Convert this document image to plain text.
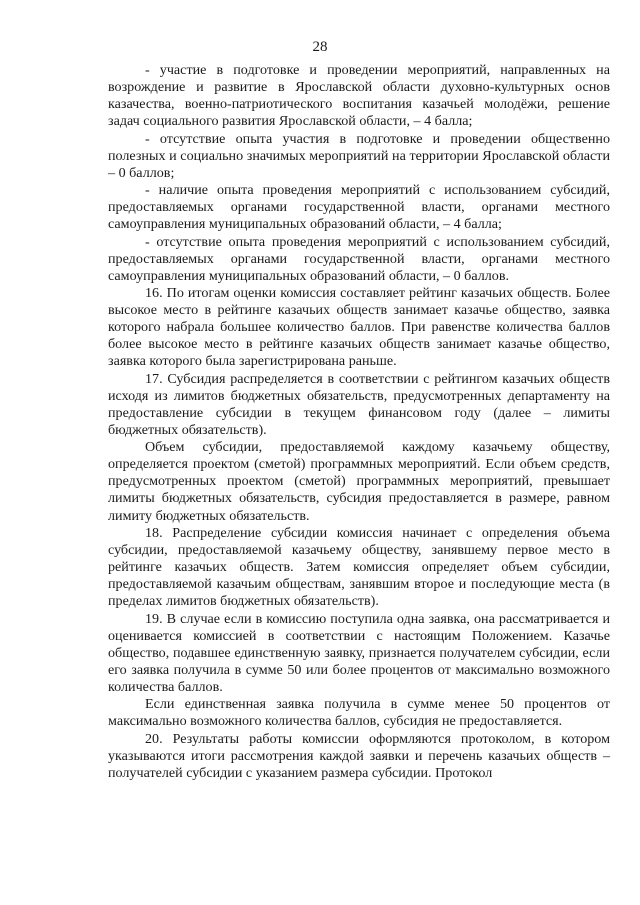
28

- участие в подготовке и проведении мероприятий, направленных на возрождение и развитие в Ярославской области духовно-культурных основ казачества, военно-патриотического воспитания казачьей молодёжи, решение задач социального развития Ярославской области, – 4 балла;

- отсутствие опыта участия в подготовке и проведении общественно полезных и социально значимых мероприятий на территории Ярославской области – 0 баллов;

- наличие опыта проведения мероприятий с использованием субсидий, предоставляемых органами государственной власти, органами местного самоуправления муниципальных образований области, – 4 балла;

- отсутствие опыта проведения мероприятий с использованием субсидий, предоставляемых органами государственной власти, органами местного самоуправления муниципальных образований области, – 0 баллов.

16. По итогам оценки комиссия составляет рейтинг казачьих обществ. Более высокое место в рейтинге казачьих обществ занимает казачье общество, заявка которого набрала большее количество баллов. При равенстве количества баллов более высокое место в рейтинге казачьих обществ занимает казачье общество, заявка которого была зарегистрирована раньше.

17. Субсидия распределяется в соответствии с рейтингом казачьих обществ исходя из лимитов бюджетных обязательств, предусмотренных департаменту на предоставление субсидии в текущем финансовом году (далее – лимиты бюджетных обязательств).

Объем субсидии, предоставляемой каждому казачьему обществу, определяется проектом (сметой) программных мероприятий. Если объем средств, предусмотренных проектом (сметой) программных мероприятий, превышает лимиты бюджетных обязательств, субсидия предоставляется в размере, равном лимиту бюджетных обязательств.

18. Распределение субсидии комиссия начинает с определения объема субсидии, предоставляемой казачьему обществу, занявшему первое место в рейтинге казачьих обществ. Затем комиссия определяет объем субсидии, предоставляемой казачьим обществам, занявшим второе и последующие места (в пределах лимитов бюджетных обязательств).

19. В случае если в комиссию поступила одна заявка, она рассматривается и оценивается комиссией в соответствии с настоящим Положением. Казачье общество, подавшее единственную заявку, признается получателем субсидии, если его заявка получила в сумме 50 или более процентов от максимально возможного количества баллов.

Если единственная заявка получила в сумме менее 50 процентов от максимально возможного количества баллов, субсидия не предоставляется.

20. Результаты работы комиссии оформляются протоколом, в котором указываются итоги рассмотрения каждой заявки и перечень казачьих обществ – получателей субсидии с указанием размера субсидии. Протокол
